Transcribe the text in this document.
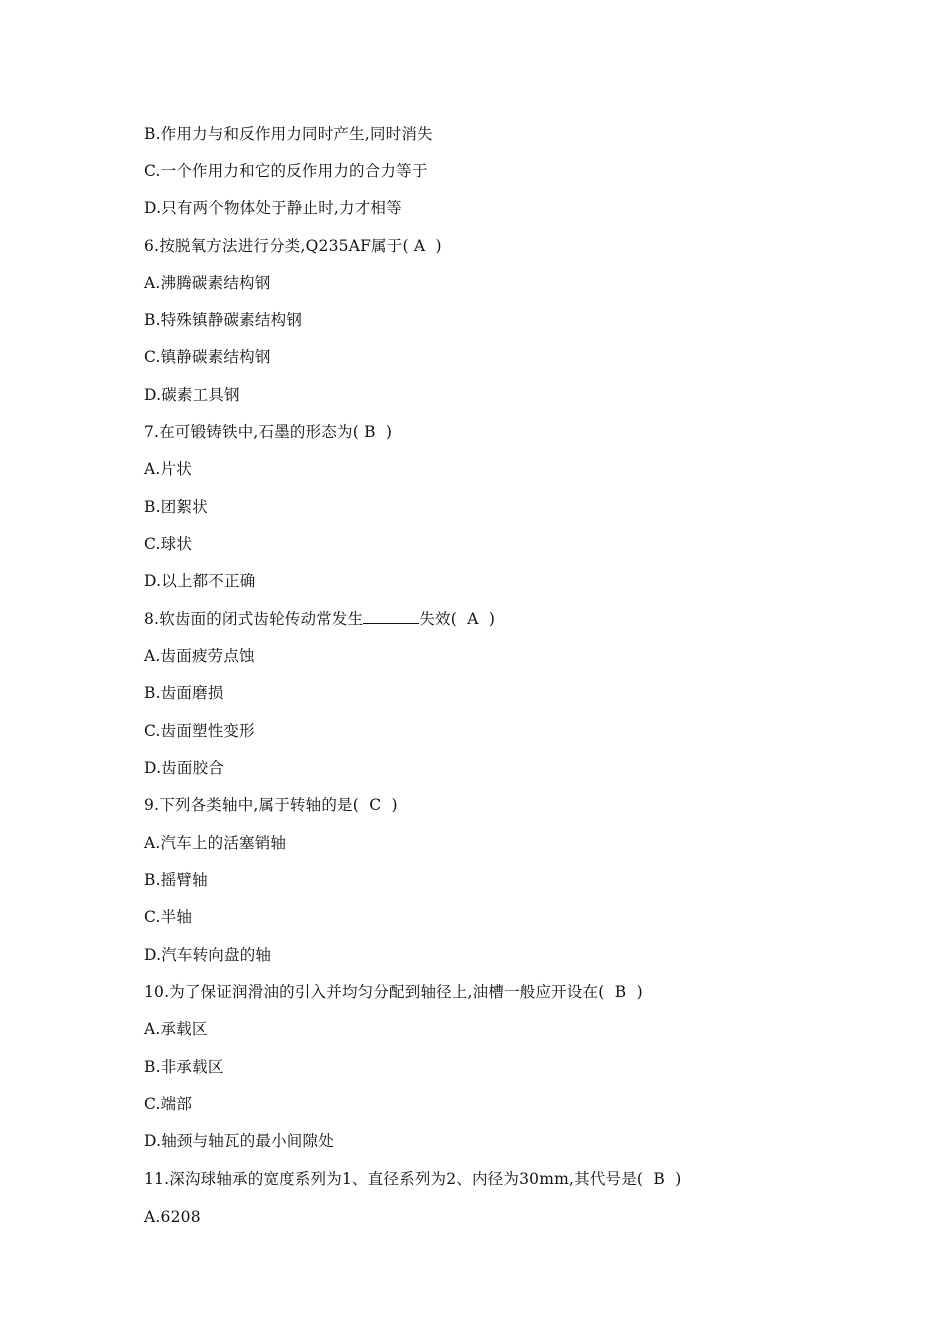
B.作用力与和反作用力同时产生,同时消失
C.一个作用力和它的反作用力的合力等于
D.只有两个物体处于静止时,力才相等
6.按脱氧方法进行分类,Q235AF属于( A  )
A.沸腾碳素结构钢
B.特殊镇静碳素结构钢
C.镇静碳素结构钢
D.碳素工具钢
7.在可锻铸铁中,石墨的形态为( B  )
A.片状
B.团絮状
C.球状
D.以上都不正确
8.软齿面的闭式齿轮传动常发生	失效(  A  )
A.齿面疲劳点蚀
B.齿面磨损
C.齿面塑性变形
D.齿面胶合
9.下列各类轴中,属于转轴的是(  C  )
A.汽车上的活塞销轴
B.摇臂轴
C.半轴
D.汽车转向盘的轴
10.为了保证润滑油的引入并均匀分配到轴径上,油槽一般应开设在(  B  )
A.承载区
B.非承载区
C.端部
D.轴颈与轴瓦的最小间隙处
11.深沟球轴承的宽度系列为1、直径系列为2、内径为30mm,其代号是(  B  )
A.6208
